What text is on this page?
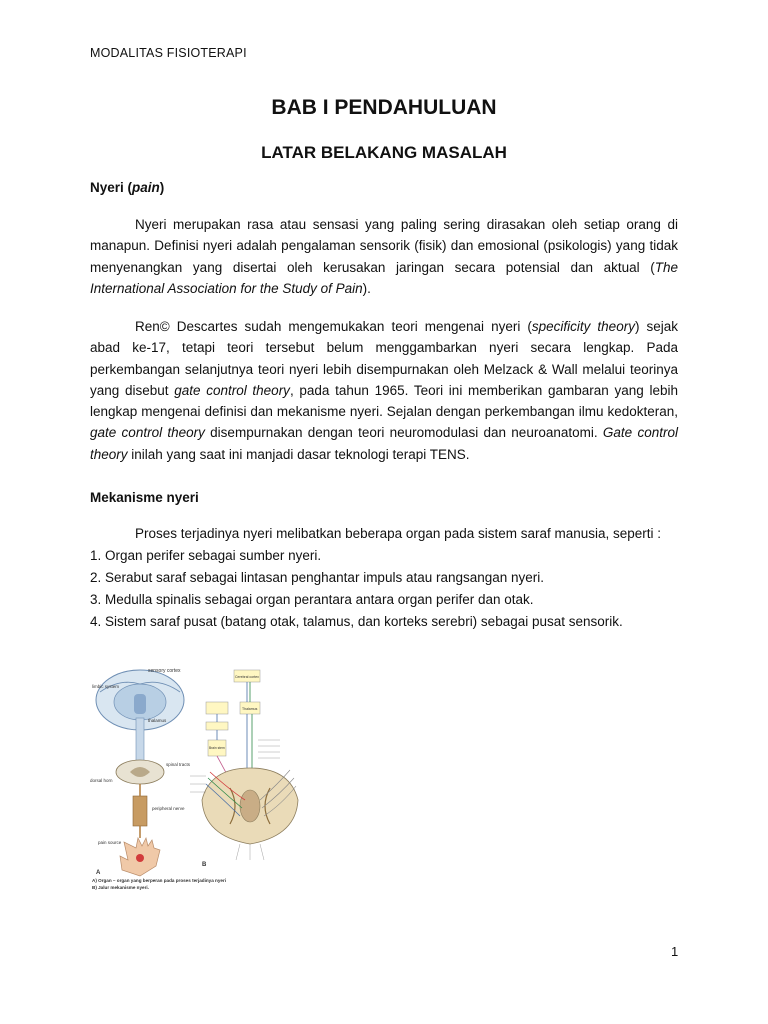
MODALITAS FISIOTERAPI
BAB I PENDAHULUAN
LATAR BELAKANG MASALAH
Nyeri (pain)

Nyeri merupakan rasa atau sensasi yang paling sering dirasakan oleh setiap orang di manapun. Definisi nyeri adalah pengalaman sensorik (fisik) dan emosional (psikologis) yang tidak menyenangkan yang disertai oleh kerusakan jaringan secara potensial dan aktual (The International Association for the Study of Pain).

Ren© Descartes sudah mengemukakan teori mengenai nyeri (specificity theory) sejak abad ke-17, tetapi teori tersebut belum menggambarkan nyeri secara lengkap. Pada perkembangan selanjutnya teori nyeri lebih disempurnakan oleh Melzack & Wall melalui teorinya yang disebut gate control theory, pada tahun 1965. Teori ini memberikan gambaran yang lebih lengkap mengenai definisi dan mekanisme nyeri. Sejalan dengan perkembangan ilmu kedokteran, gate control theory disempurnakan dengan teori neuromodulasi dan neuroanatomi. Gate control theory inilah yang saat ini manjadi dasar teknologi terapi TENS.

Mekanisme nyeri
Proses terjadinya nyeri melibatkan beberapa organ pada sistem saraf manusia, seperti :
1. Organ perifer sebagai sumber nyeri.
2. Serabut saraf sebagai lintasan penghantar impuls atau rangsangan nyeri.
3. Medulla spinalis sebagai organ perantara antara organ perifer dan otak.
4. Sistem saraf pusat (batang otak, talamus, dan korteks serebri) sebagai pusat sensorik.
sensory cortex
limbic system
thalamus
spinal tracts
dorsal horn
peripheral nerve
pain source
A
Cerebral cortex
Thalamus
Brain stem
B
A) Organ – organ yang berperan pada proses terjadinya nyeri
B) Jalur mekanisme nyeri.
1
